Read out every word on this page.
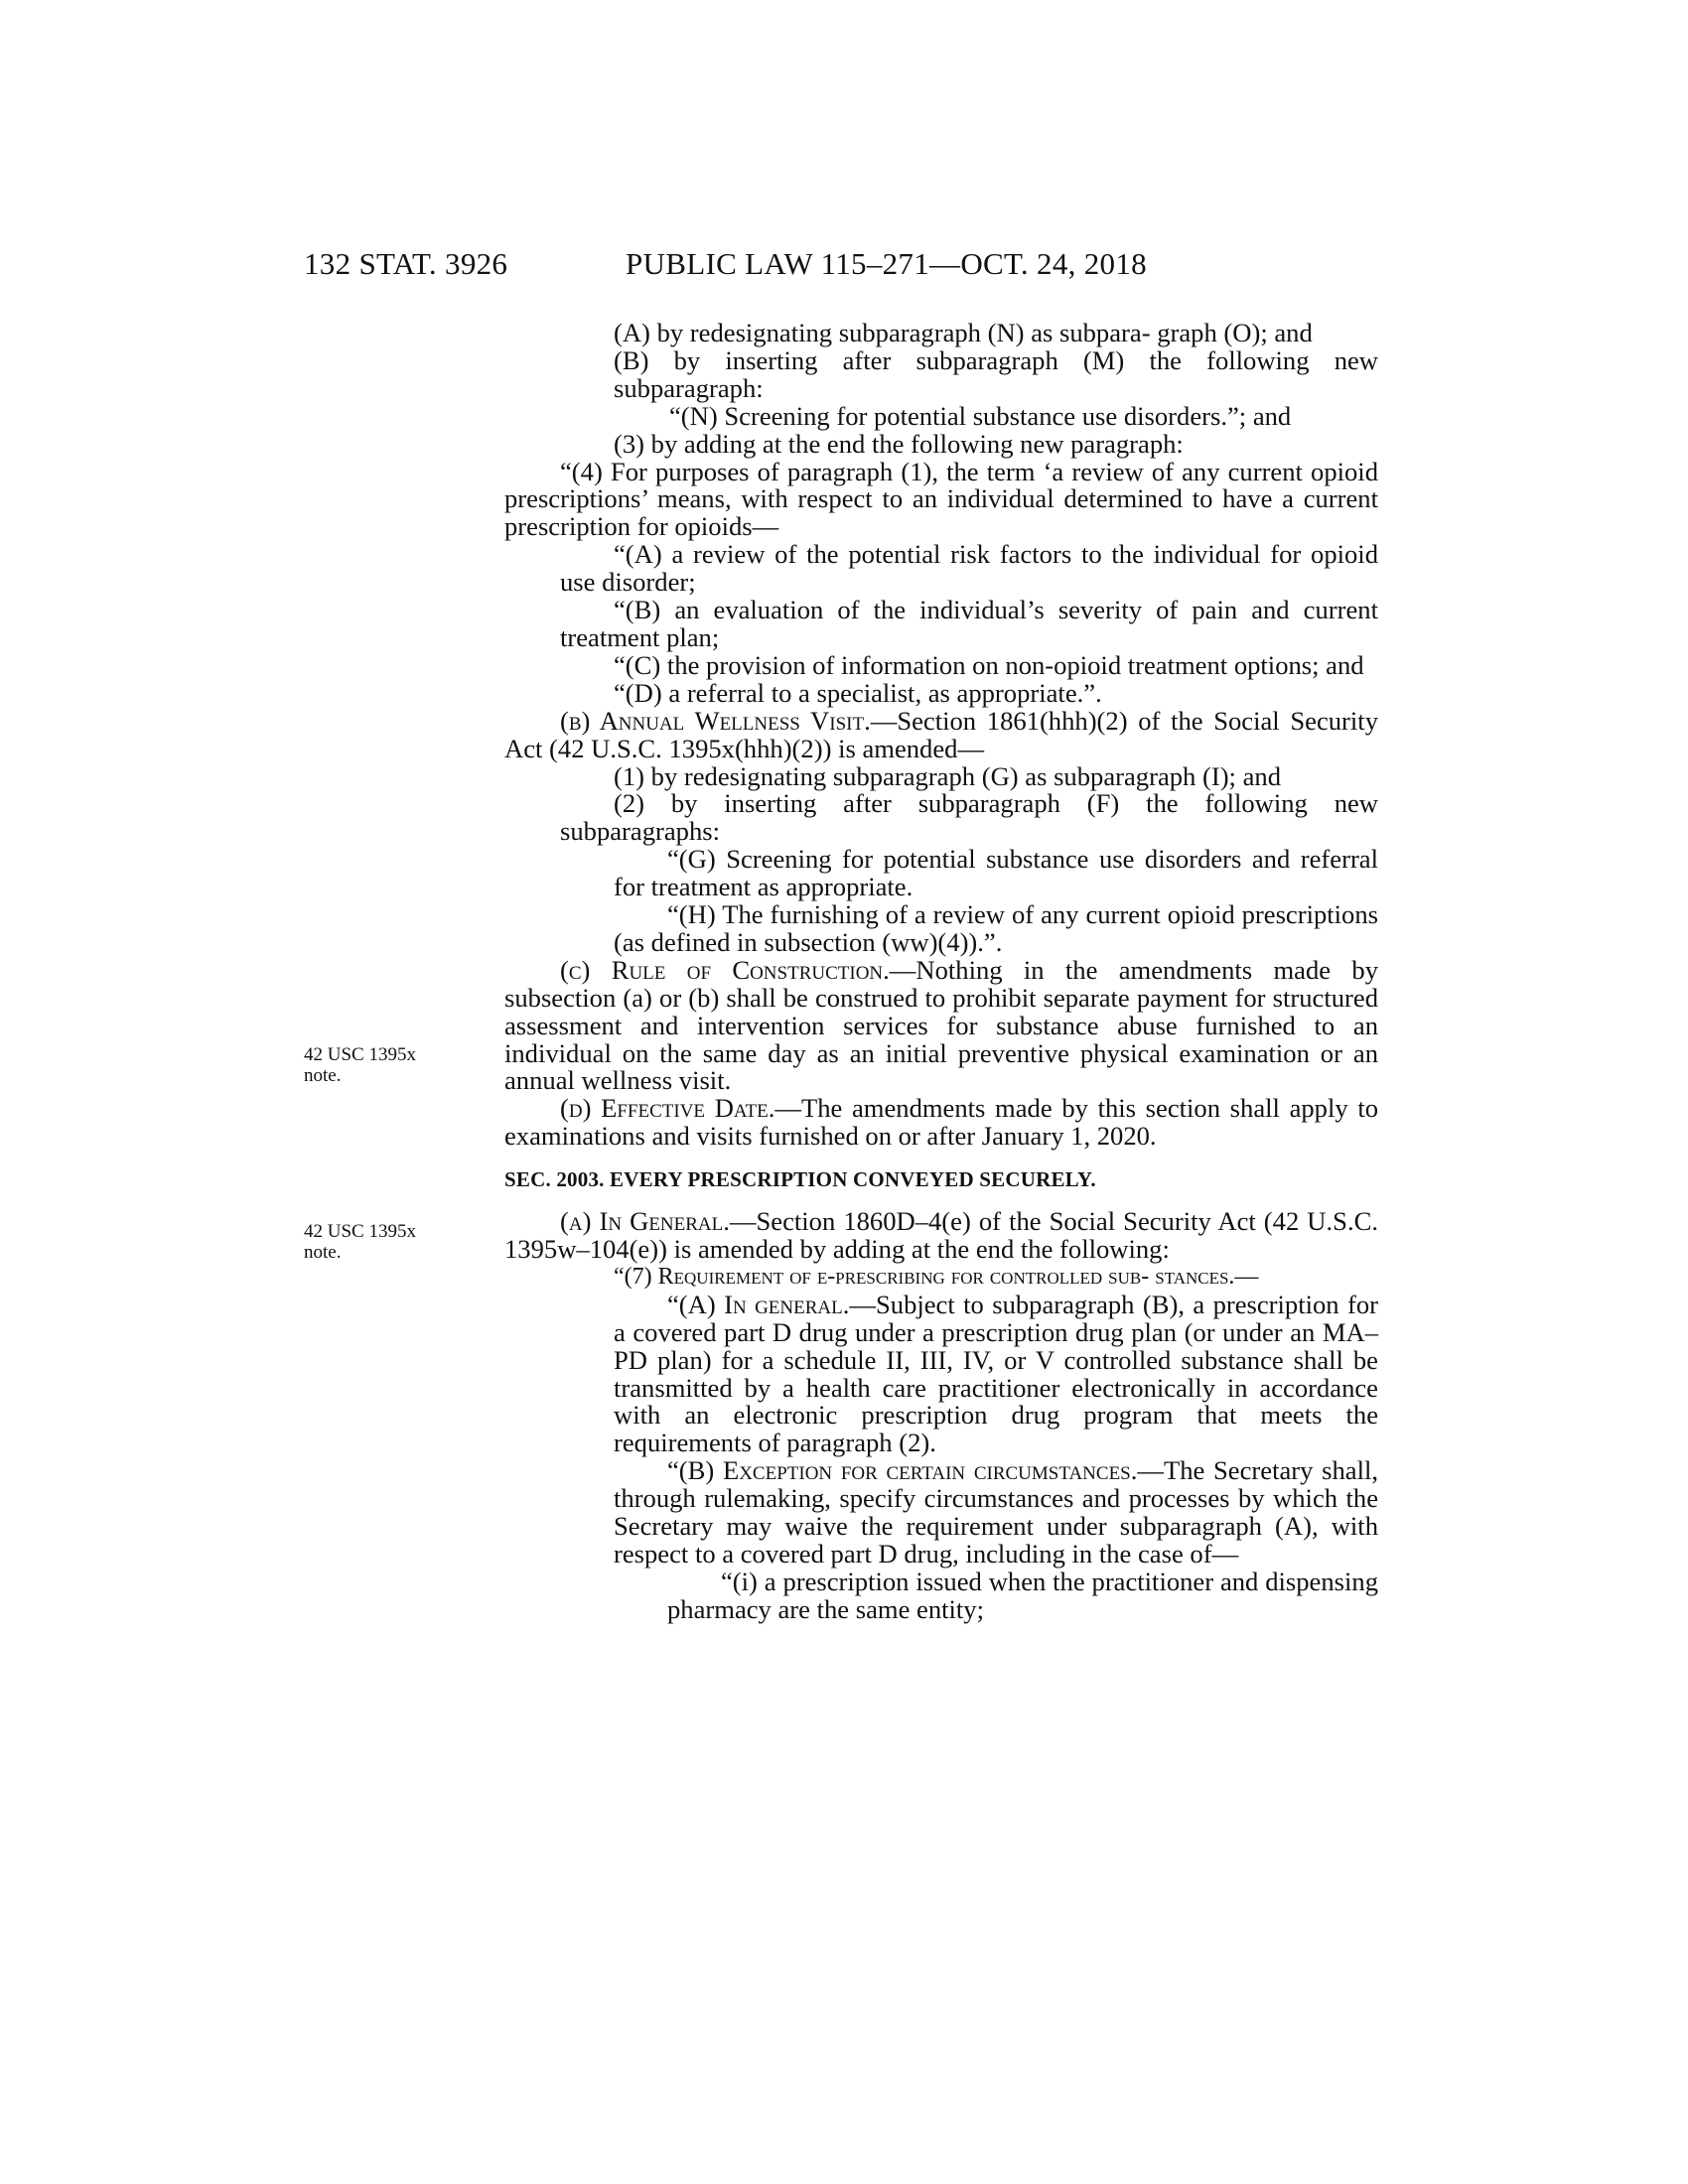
132 STAT. 3926	PUBLIC LAW 115–271—OCT. 24, 2018
42 USC 1395x
note.
42 USC 1395x
note.

(A) by redesignating subparagraph (N) as subpara- graph (O); and

(B) by inserting after subparagraph (M) the following new subparagraph:

“(N) Screening for potential substance use disorders.”; and

(3) by adding at the end the following new paragraph:

“(4) For purposes of paragraph (1), the term ‘a review of any current opioid prescriptions’ means, with respect to an individual determined to have a current prescription for opioids—

“(A) a review of the potential risk factors to the individual for opioid use disorder;

“(B) an evaluation of the individual’s severity of pain and current treatment plan;

“(C) the provision of information on non-opioid treatment options; and

“(D) a referral to a specialist, as appropriate.”.

(b) Annual Wellness Visit.—Section 1861(hhh)(2) of the Social Security Act (42 U.S.C. 1395x(hhh)(2)) is amended—

(1) by redesignating subparagraph (G) as subparagraph (I); and

(2) by inserting after subparagraph (F) the following new subparagraphs:

“(G) Screening for potential substance use disorders and referral for treatment as appropriate.

“(H) The furnishing of a review of any current opioid prescriptions (as defined in subsection (ww)(4)).”.

(c) Rule of Construction.—Nothing in the amendments made by subsection (a) or (b) shall be construed to prohibit separate payment for structured assessment and intervention services for substance abuse furnished to an individual on the same day as an initial preventive physical examination or an annual wellness visit.

(d) Effective Date.—The amendments made by this section shall apply to examinations and visits furnished on or after January 1, 2020.

SEC. 2003. EVERY PRESCRIPTION CONVEYED SECURELY.

(a) In General.—Section 1860D–4(e) of the Social Security Act (42 U.S.C. 1395w–104(e)) is amended by adding at the end the following:

“(7) Requirement of e-prescribing for controlled sub- stances.—

“(A) In general.—Subject to subparagraph (B), a prescription for a covered part D drug under a prescription drug plan (or under an MA–PD plan) for a schedule II, III, IV, or V controlled substance shall be transmitted by a health care practitioner electronically in accordance with an electronic prescription drug program that meets the requirements of paragraph (2).

“(B) Exception for certain circumstances.—The Secretary shall, through rulemaking, specify circumstances and processes by which the Secretary may waive the requirement under subparagraph (A), with respect to a covered part D drug, including in the case of—

“(i) a prescription issued when the practitioner and dispensing pharmacy are the same entity;
